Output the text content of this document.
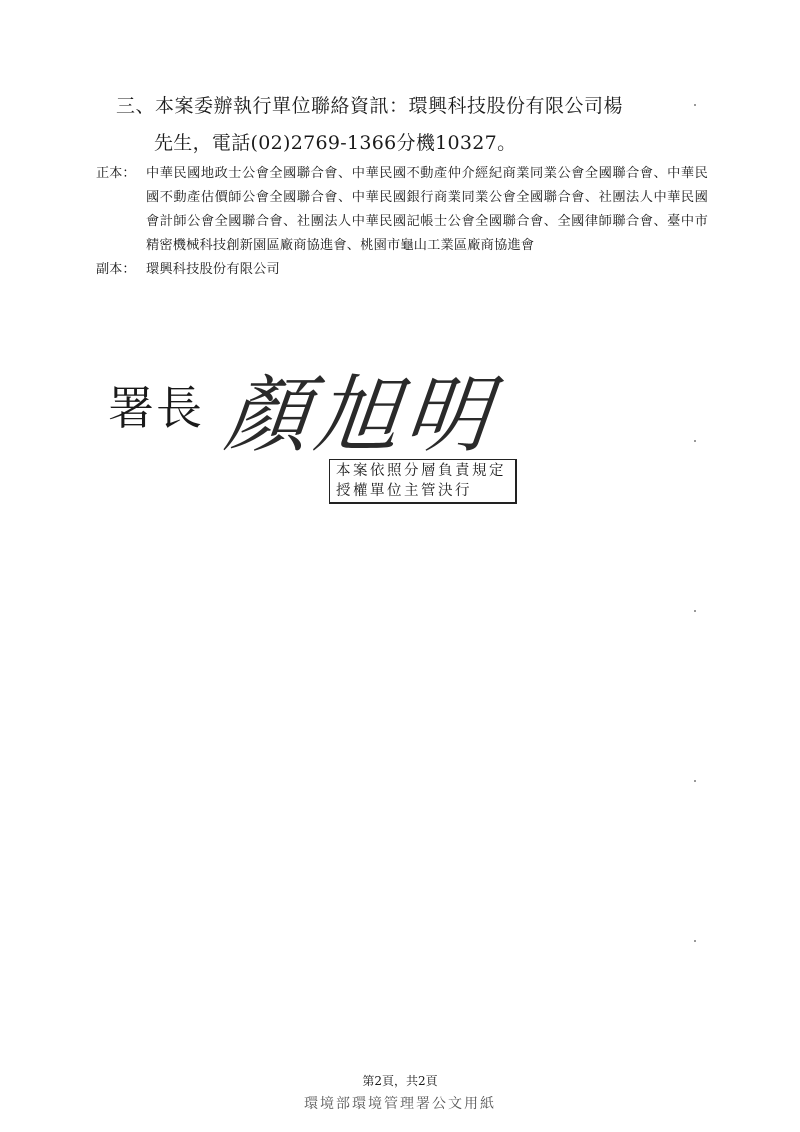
三、本案委辦執行單位聯絡資訊：環興科技股份有限公司楊
先生，電話(02)2769-1366分機10327。
正本： 中華民國地政士公會全國聯合會、中華民國不動產仲介經紀商業同業公會全國聯合會、中華民國不動產估價師公會全國聯合會、中華民國銀行商業同業公會全國聯合會、社團法人中華民國會計師公會全國聯合會、社團法人中華民國記帳士公會全國聯合會、全國律師聯合會、臺中市精密機械科技創新園區廠商協進會、桃園市龜山工業區廠商協進會
副本： 環興科技股份有限公司
署長 顏旭明
本案依照分層負責規定
授權單位主管決行
第2頁，共2頁
環境部環境管理署公文用紙
